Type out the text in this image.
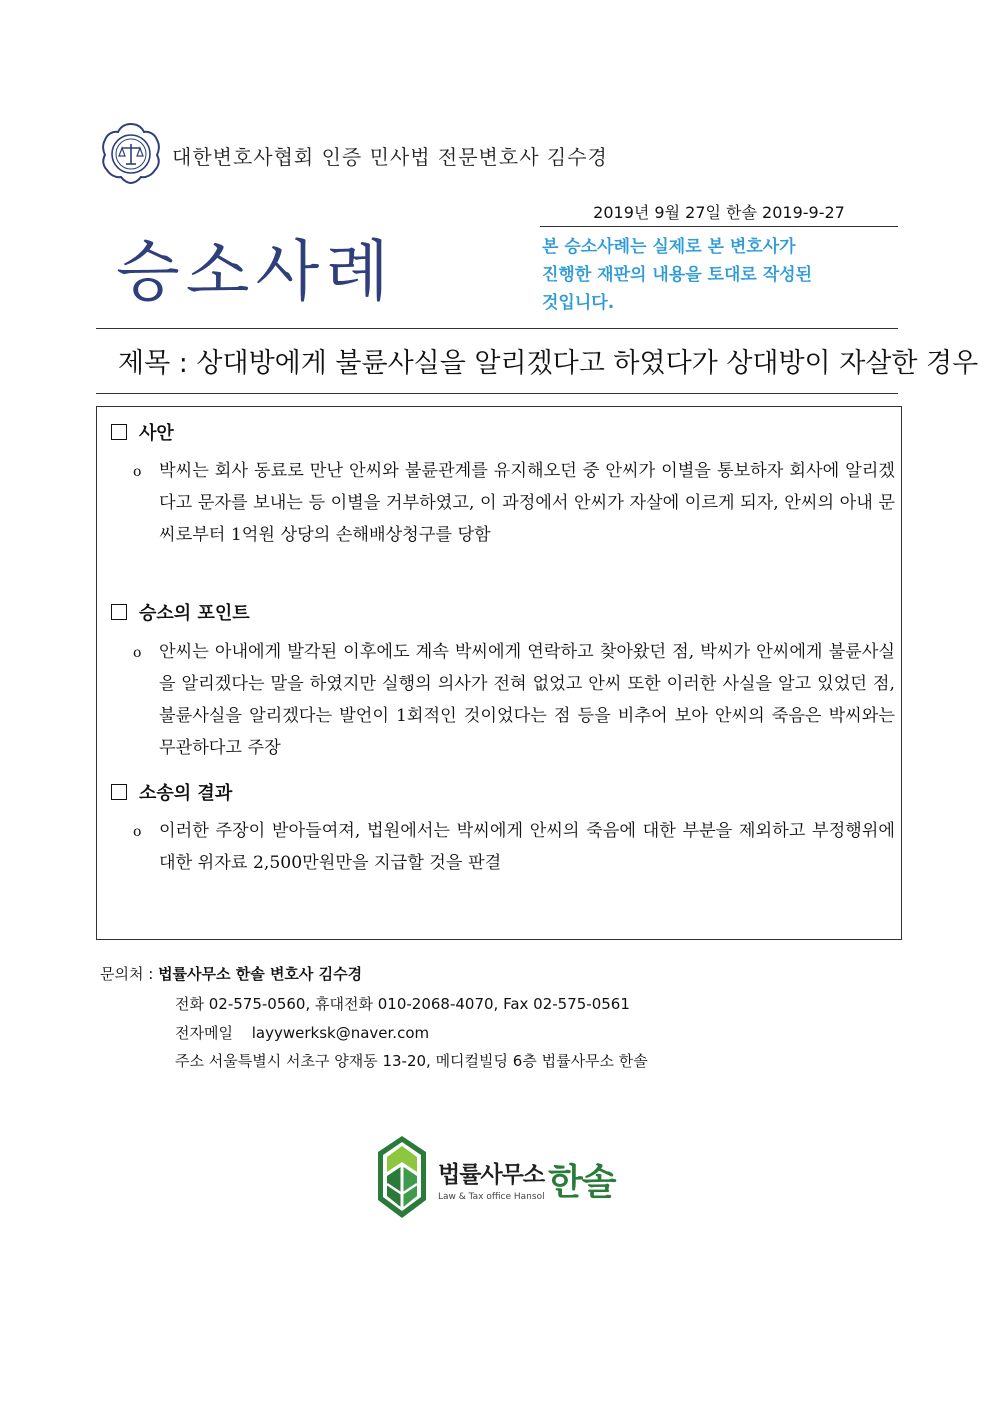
대한변호사협회 인증 민사법 전문변호사 김수경
2019년 9월 27일 한솔 2019-9-27
승소사례	본 승소사례는 실제로 본 변호사가
진행한 재판의 내용을 토대로 작성된
것입니다.
제목 : 상대방에게 불륜사실을 알리겠다고 하였다가 상대방이 자살한 경우
사안
ο 박씨는 회사 동료로 만난 안씨와 불륜관계를 유지해오던 중 안씨가 이별을 통보하자 회사에 알리겠다고 문자를 보내는 등 이별을 거부하였고, 이 과정에서 안씨가 자살에 이르게 되자, 안씨의 아내 문씨로부터 1억원 상당의 손해배상청구를 당함
승소의 포인트
ο 안씨는 아내에게 발각된 이후에도 계속 박씨에게 연락하고 찾아왔던 점, 박씨가 안씨에게 불륜사실을 알리겠다는 말을 하였지만 실행의 의사가 전혀 없었고 안씨 또한 이러한 사실을 알고 있었던 점, 불륜사실을 알리겠다는 발언이 1회적인 것이었다는 점 등을 비추어 보아 안씨의 죽음은 박씨와는 무관하다고 주장
소송의 결과
ο 이러한 주장이 받아들여져, 법원에서는 박씨에게 안씨의 죽음에 대한 부분을 제외하고 부정행위에 대한 위자료 2,500만원만을 지급할 것을 판결
문의처 : 법률사무소 한솔 변호사 김수경
전화 02-575-0560, 휴대전화 010-2068-4070, Fax 02-575-0561
전자메일 layywerksk@naver.com
주소 서울특별시 서초구 양재동 13-20, 메디컬빌딩 6층 법률사무소 한솔
법률사무소 한솔
Law & Tax office Hansol
